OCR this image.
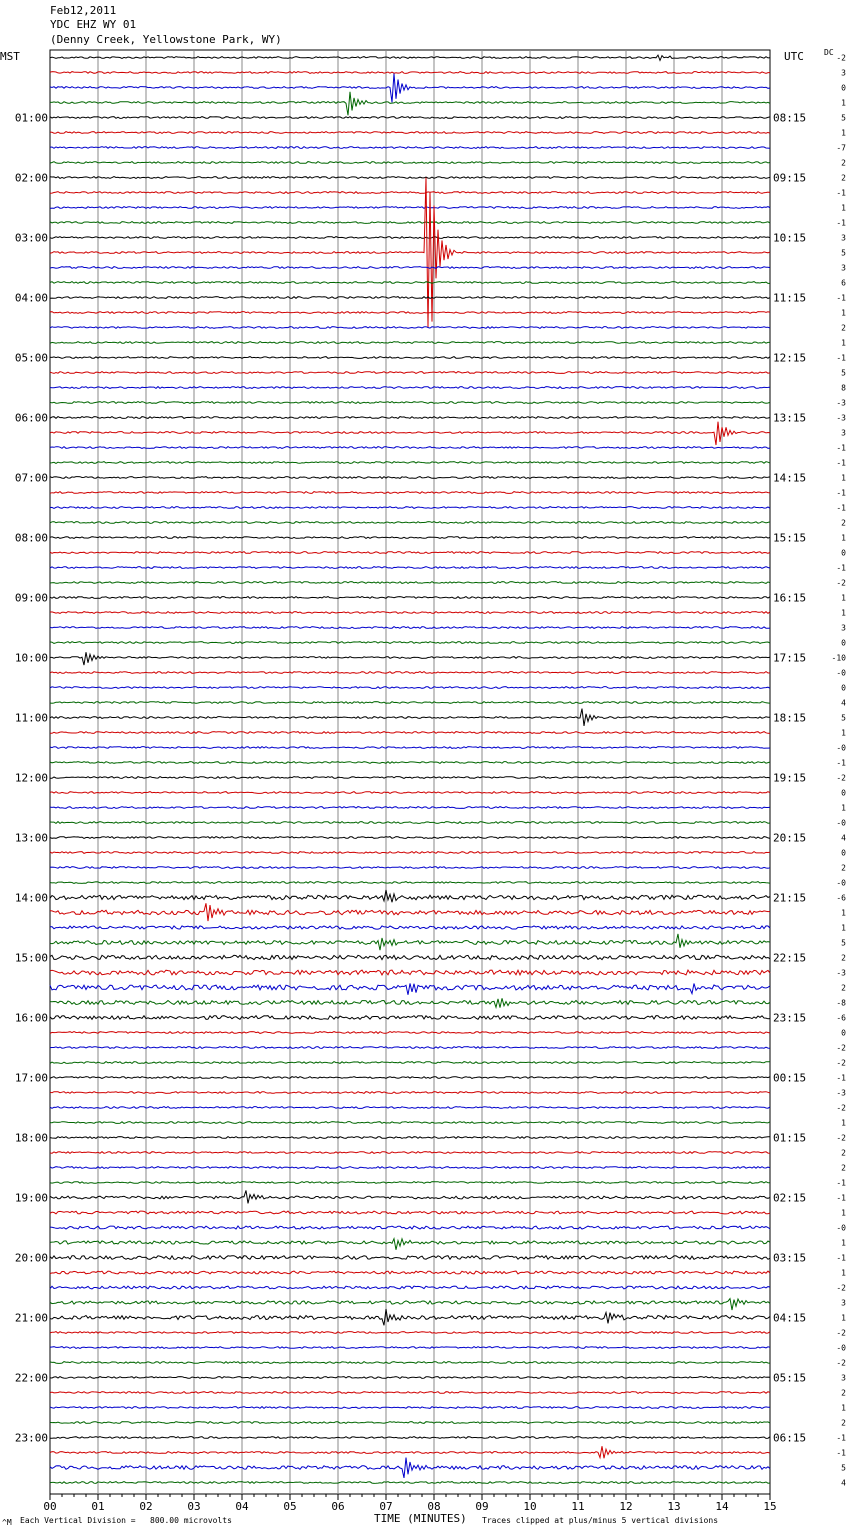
Feb12,2011
YDC EHZ WY 01
(Denny Creek, Yellowstone Park, WY)
MST	UTC	DC
00	01	02	03	04	05	06	07	08	09	10	11	12	13	14	15
-2
3
0
1
5
1
-7
2
2
-1
1
-1
3
5
3
6
-1
1
2
1
-1
5
8
-3
-3
3
-1
-1
1
-1
-1
2
1
0
-1
-2
1
1
3
0
-10
-0
0
4
5
1
-0
-1
-2
0
1
-0
4
0
2
-0
-6
1
1
5
2
-3
2
-8
-6
0
-2
-2
-1
-3
-2
1
-2
2
2
-1
-1
1
-0
1
-1
1
-2
3
1
-2
-0
-2
3
2
1
2
-1
-1
5
4
01:00	08:15
02:00	09:15
03:00	10:15
04:00	11:15
05:00	12:15
06:00	13:15
07:00	14:15
08:00	15:15
09:00	16:15
10:00	17:15
11:00	18:15
12:00	19:15
13:00	20:15
14:00	21:15
15:00	22:15
16:00	23:15
17:00	00:15
18:00	01:15
19:00	02:15
20:00	03:15
21:00	04:15
22:00	05:15
23:00	06:15
^M Each Vertical Division =   800.00 microvolts	TIME (MINUTES) Traces clipped at plus/minus 5 vertical divisions
